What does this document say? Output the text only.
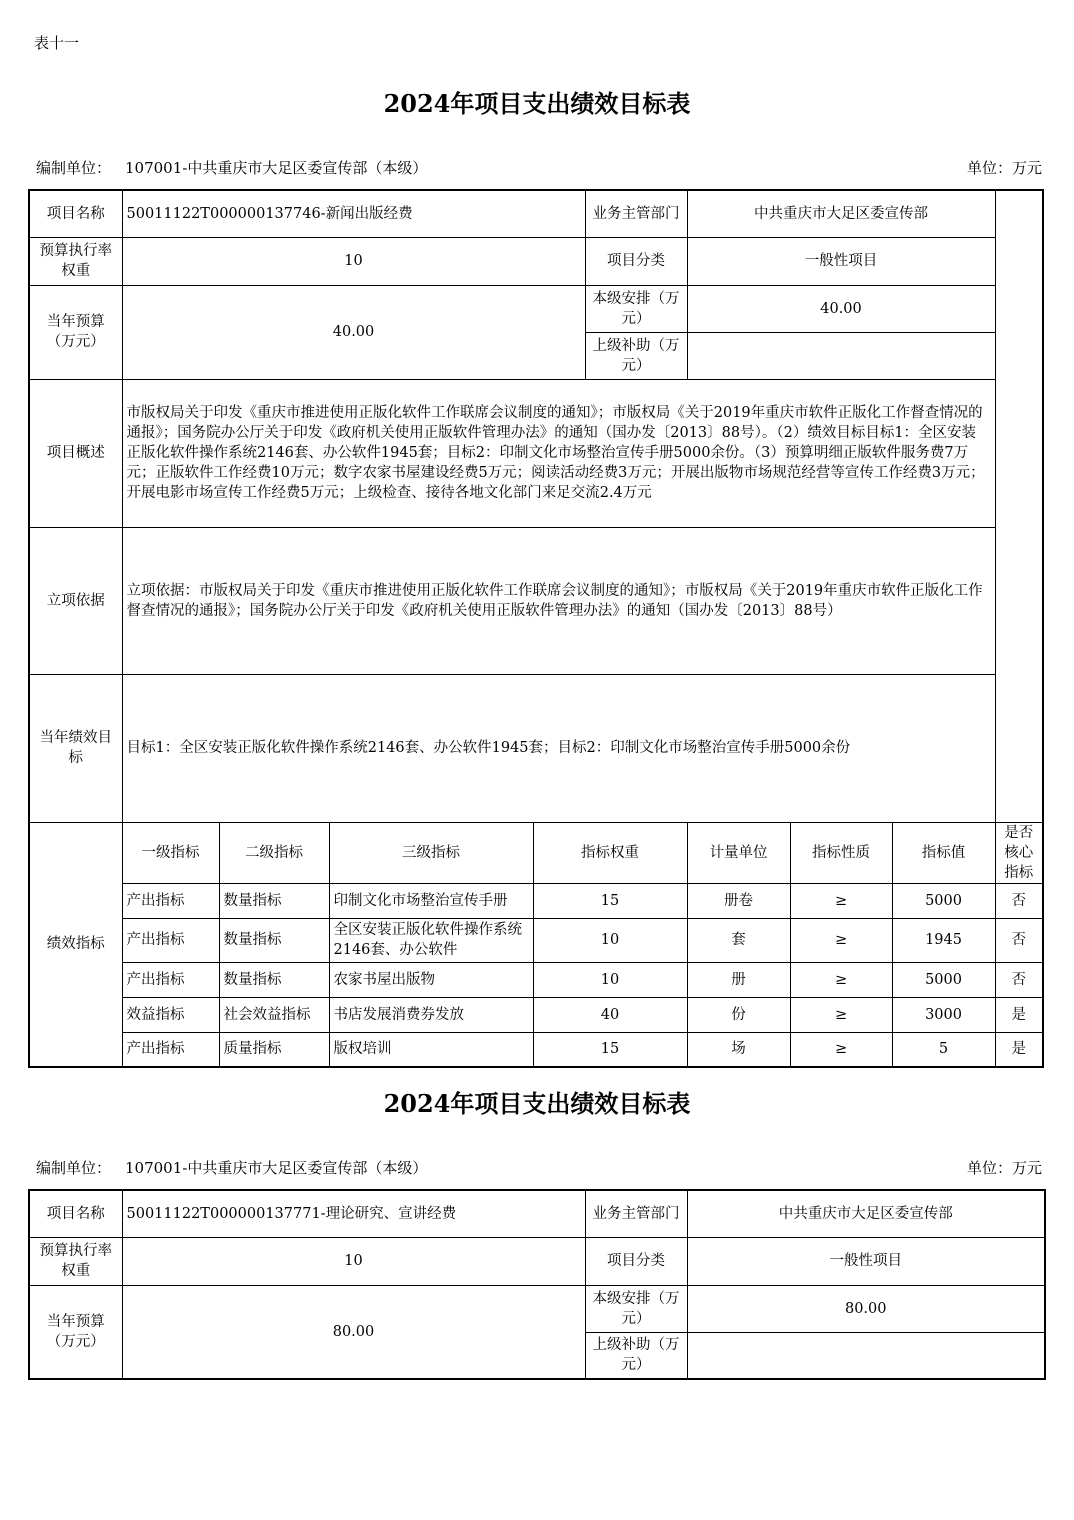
表十一
2024年项目支出绩效目标表
编制单位： 107001-中共重庆市大足区委宣传部（本级）	单位：万元
项目名称	50011122T000000137746-新闻出版经费				业务主管部门	中共重庆市大足区委宣传部			
预算执行率权重	10				项目分类	一般性项目			
当年预算（万元）	40.00				本级安排（万元）	40.00			
					上级补助（万元）				
项目概述	市版权局关于印发《重庆市推进使用正版化软件工作联席会议制度的通知》；市版权局《关于2019年重庆市软件正版化工作督查情况的通报》；国务院办公厅关于印发《政府机关使用正版软件管理办法》的通知（国办发〔2013〕88号）。（2）绩效目标目标1：全区安装正版化软件操作系统2146套、办公软件1945套；目标2：印制文化市场整治宣传手册5000余份。（3）预算明细正版软件服务费7万元；正版软件工作经费10万元；数字农家书屋建设经费5万元；阅读活动经费3万元；开展出版物市场规范经营等宣传工作经费3万元；开展电影市场宣传工作经费5万元；上级检查、接待各地文化部门来足交流2.4万元								
立项依据	立项依据：市版权局关于印发《重庆市推进使用正版化软件工作联席会议制度的通知》；市版权局《关于2019年重庆市软件正版化工作督查情况的通报》；国务院办公厅关于印发《政府机关使用正版软件管理办法》的通知（国办发〔2013〕88号）								
当年绩效目标	目标1：全区安装正版化软件操作系统2146套、办公软件1945套；目标2：印制文化市场整治宣传手册5000余份								
绩效指标	一级指标	二级指标	三级指标	指标权重		计量单位	指标性质	指标值	是否核心指标
	产出指标	数量指标	印制文化市场整治宣传手册	15		册卷	≥	5000	否
	产出指标	数量指标	全区安装正版化软件操作系统2146套、办公软件	10		套	≥	1945	否
	产出指标	数量指标	农家书屋出版物	10		册	≥	5000	否
	效益指标	社会效益指标	书店发展消费券发放	40		份	≥	3000	是
	产出指标	质量指标	版权培训	15		场	≥	5	是
2024年项目支出绩效目标表
编制单位： 107001-中共重庆市大足区委宣传部（本级）	单位：万元
项目名称	50011122T000000137771-理论研究、宣讲经费	业务主管部门	中共重庆市大足区委宣传部
预算执行率权重	10	项目分类	一般性项目
当年预算（万元）	80.00	本级安排（万元）	80.00
		上级补助（万元）	
